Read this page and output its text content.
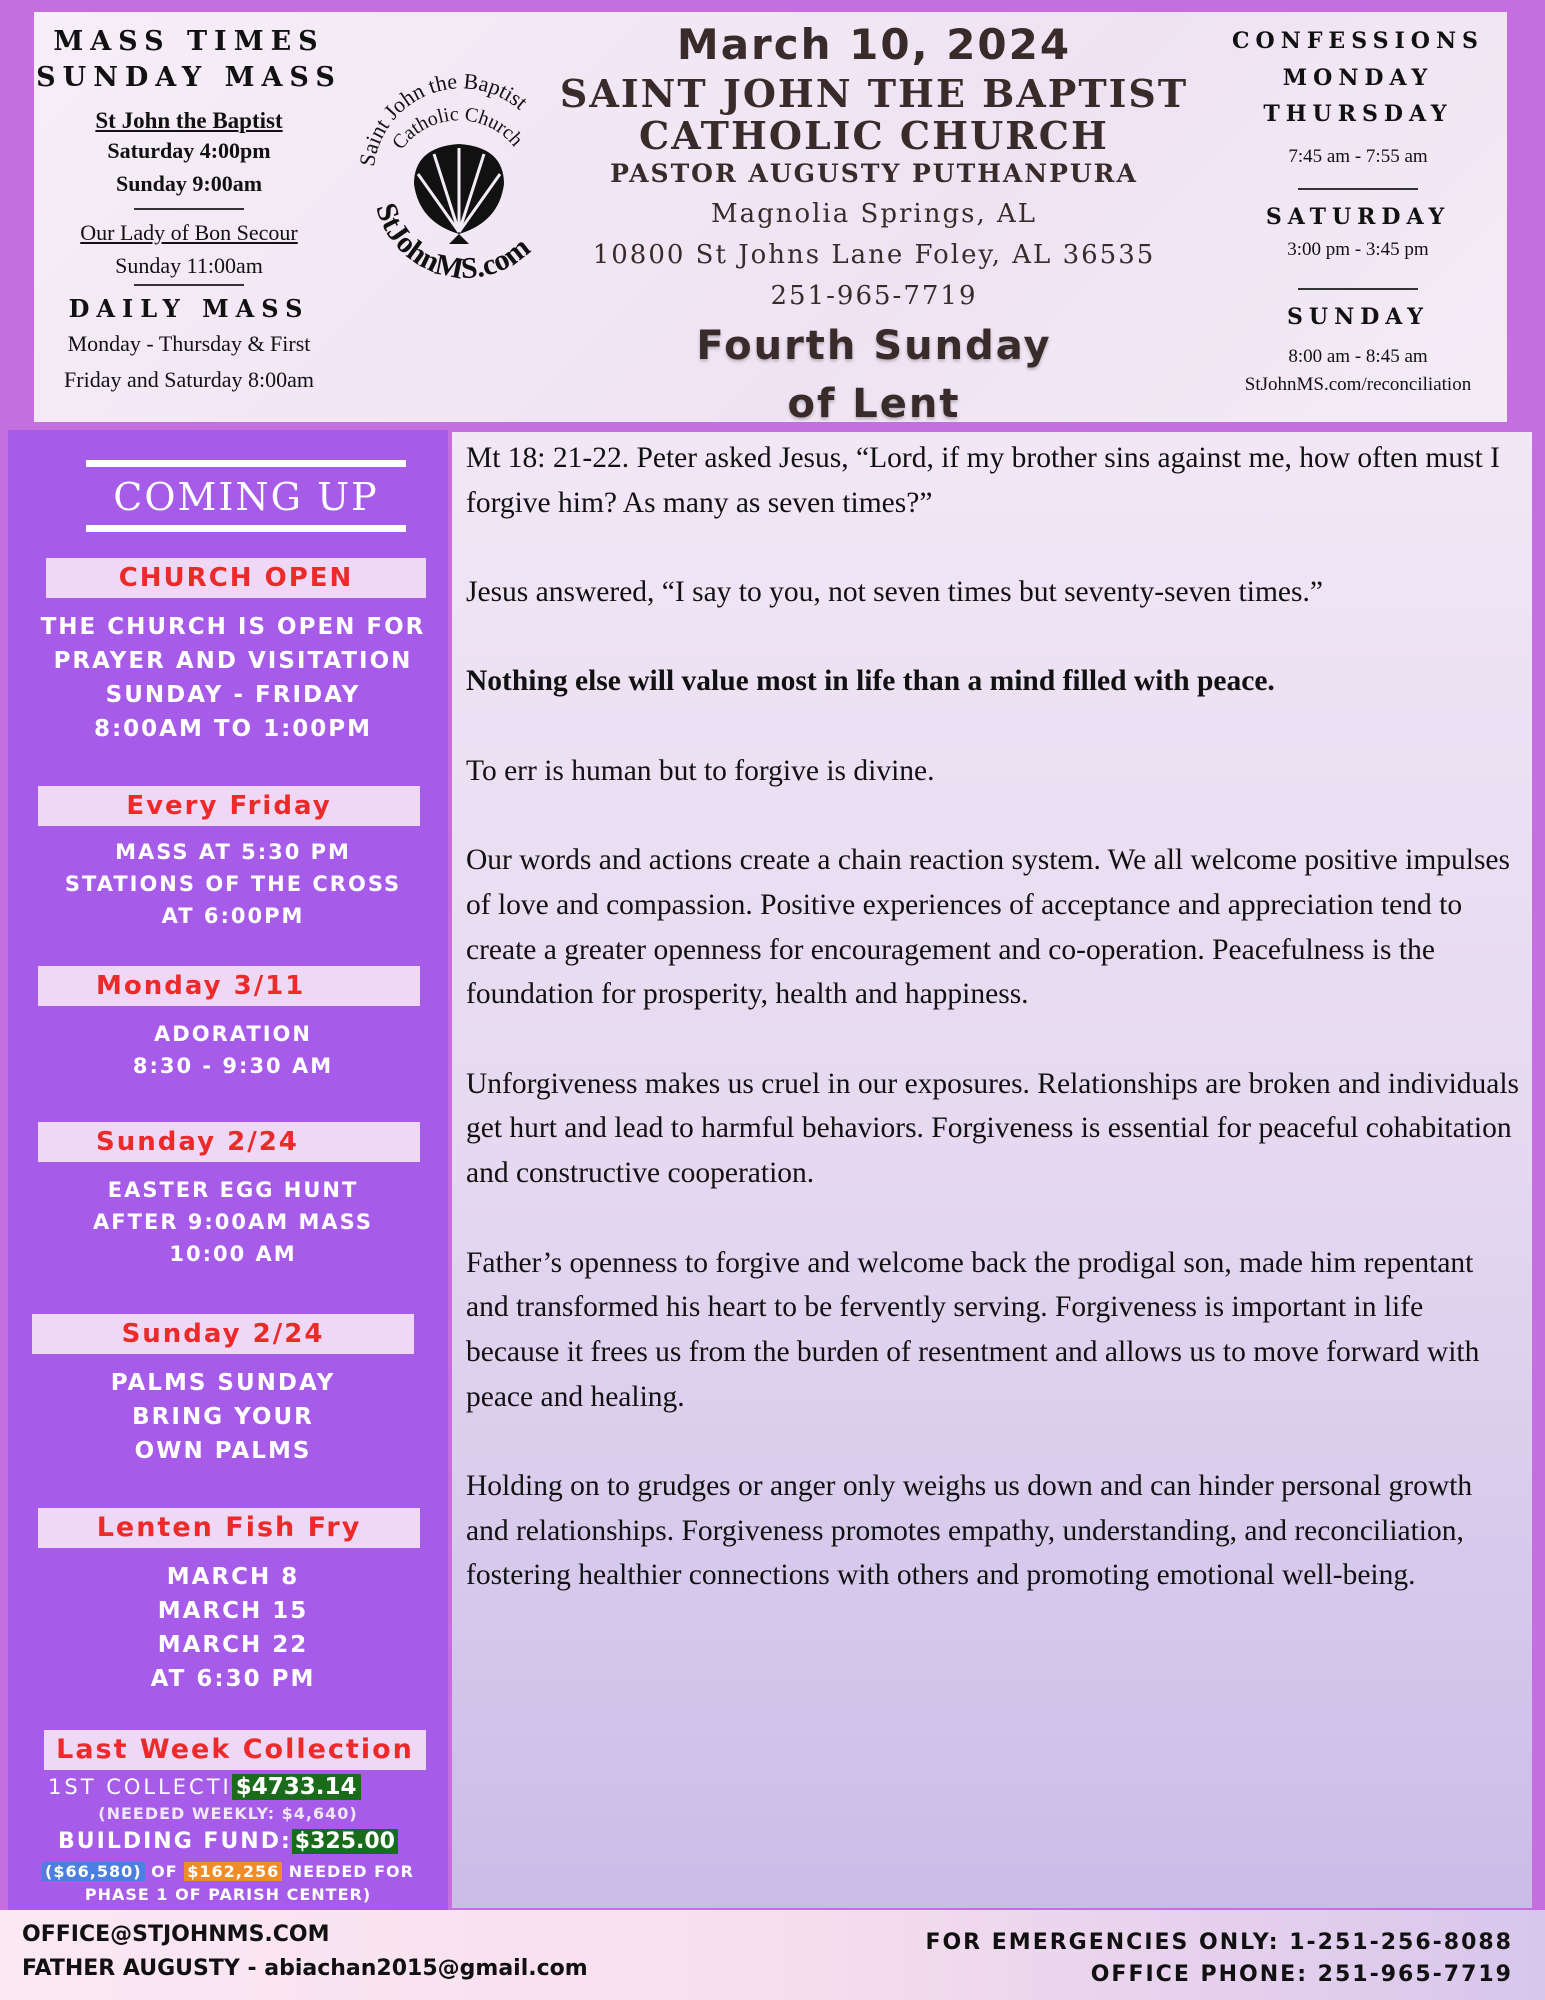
MASS TIMES
SUNDAY MASS
St John the Baptist
Saturday 4:00pm
Sunday 9:00am
Our Lady of Bon Secour
Sunday 11:00am
DAILY MASS
Monday - Thursday & First
Friday and Saturday 8:00am
Saint John the Baptist
Catholic Church
StJohnMS.com
March 10, 2024
SAINT JOHN THE BAPTIST
CATHOLIC CHURCH
PASTOR AUGUSTY PUTHANPURA
Magnolia Springs, AL
10800 St Johns Lane Foley, AL 36535
251-965-7719
Fourth Sunday
of Lent
CONFESSIONS
MONDAY
THURSDAY
7:45 am - 7:55 am
SATURDAY
3:00 pm - 3:45 pm
SUNDAY
8:00 am - 8:45 am
StJohnMS.com/reconciliation
COMING UP
CHURCH OPEN
THE CHURCH IS OPEN FOR
PRAYER AND VISITATION
SUNDAY - FRIDAY
8:00AM TO 1:00PM
Every Friday
MASS AT 5:30 PM
STATIONS OF THE CROSS
AT 6:00PM
Monday 3/11
ADORATION
8:30 - 9:30 AM
Sunday 2/24
EASTER EGG HUNT
AFTER 9:00AM MASS
10:00 AM
Sunday 2/24
PALMS SUNDAY
BRING YOUR
OWN PALMS
Lenten Fish Fry
MARCH 8
MARCH 15
MARCH 22
AT 6:30 PM
Last Week Collection
1ST COLLECTI $4733.14
(NEEDED WEEKLY: $4,640)
BUILDING FUND: $325.00
($66,580) OF $162,256 NEEDED FOR
PHASE 1 OF PARISH CENTER)

Mt 18: 21-22. Peter asked Jesus, “Lord, if my brother sins against me, how often must I forgive him? As many as seven times?”

Jesus answered, “I say to you, not seven times but seventy-seven times.”

Nothing else will value most in life than a mind filled with peace.

To err is human but to forgive is divine.

Our words and actions create a chain reaction system. We all welcome positive impulses of love and compassion. Positive experiences of acceptance and appreciation tend to create a greater openness for encouragement and co-operation. Peacefulness is the foundation for prosperity, health and happiness.

Unforgiveness makes us cruel in our exposures. Relationships are broken and individuals get hurt and lead to harmful behaviors. Forgiveness is essential for peaceful cohabitation and constructive cooperation.

Father’s openness to forgive and welcome back the prodigal son, made him repentant and transformed his heart to be fervently serving. Forgiveness is important in life because it frees us from the burden of resentment and allows us to move forward with peace and healing.

Holding on to grudges or anger only weighs us down and can hinder personal growth and relationships. Forgiveness promotes empathy, understanding, and reconciliation, fostering healthier connections with others and promoting emotional well-being.

OFFICE@STJOHNMS.COM
FATHER AUGUSTY - abiachan2015@gmail.com
FOR EMERGENCIES ONLY: 1-251-256-8088
OFFICE PHONE: 251-965-7719
